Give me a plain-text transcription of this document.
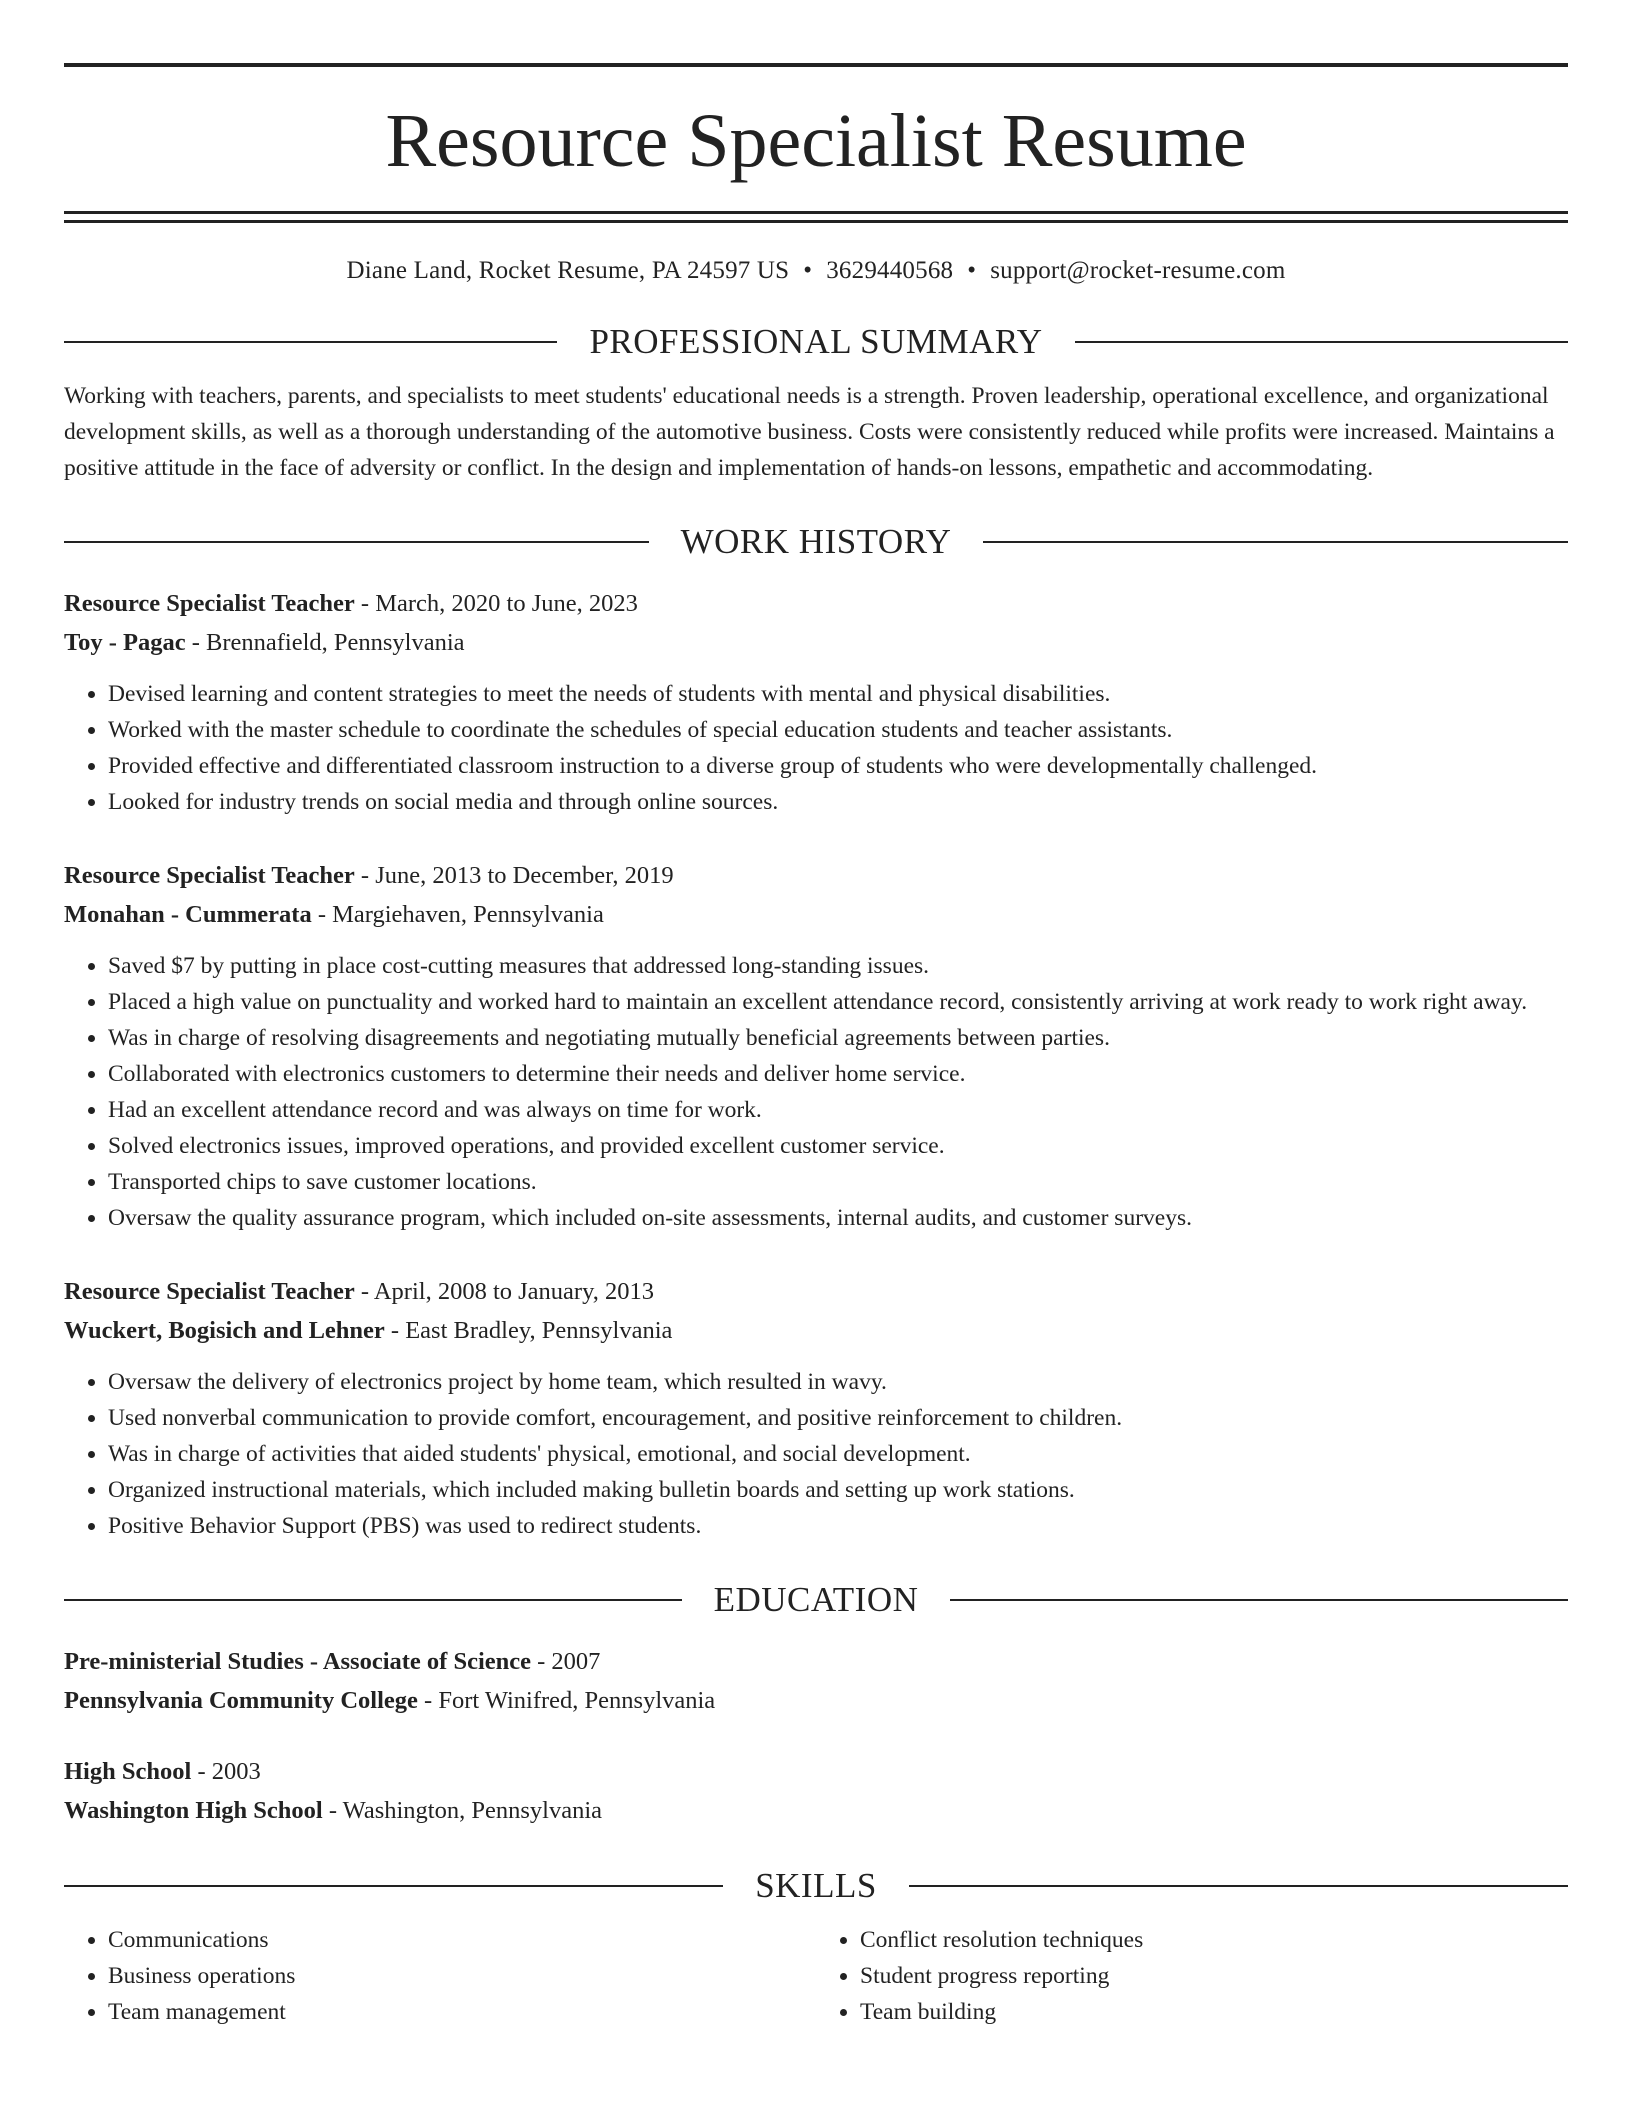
Resource Specialist Resume
Diane Land, Rocket Resume, PA 24597 US • 3629440568 • support@rocket-resume.com
PROFESSIONAL SUMMARY
Working with teachers, parents, and specialists to meet students' educational needs is a strength. Proven leadership, operational excellence, and organizational development skills, as well as a thorough understanding of the automotive business. Costs were consistently reduced while profits were increased. Maintains a positive attitude in the face of adversity or conflict. In the design and implementation of hands-on lessons, empathetic and accommodating.
WORK HISTORY
Resource Specialist Teacher - March, 2020 to June, 2023
Toy - Pagac - Brennafield, Pennsylvania
• Devised learning and content strategies to meet the needs of students with mental and physical disabilities.
• Worked with the master schedule to coordinate the schedules of special education students and teacher assistants.
• Provided effective and differentiated classroom instruction to a diverse group of students who were developmentally challenged.
• Looked for industry trends on social media and through online sources.
Resource Specialist Teacher - June, 2013 to December, 2019
Monahan - Cummerata - Margiehaven, Pennsylvania
• Saved $7 by putting in place cost-cutting measures that addressed long-standing issues.
• Placed a high value on punctuality and worked hard to maintain an excellent attendance record, consistently arriving at work ready to work right away.
• Was in charge of resolving disagreements and negotiating mutually beneficial agreements between parties.
• Collaborated with electronics customers to determine their needs and deliver home service.
• Had an excellent attendance record and was always on time for work.
• Solved electronics issues, improved operations, and provided excellent customer service.
• Transported chips to save customer locations.
• Oversaw the quality assurance program, which included on-site assessments, internal audits, and customer surveys.
Resource Specialist Teacher - April, 2008 to January, 2013
Wuckert, Bogisich and Lehner - East Bradley, Pennsylvania
• Oversaw the delivery of electronics project by home team, which resulted in wavy.
• Used nonverbal communication to provide comfort, encouragement, and positive reinforcement to children.
• Was in charge of activities that aided students' physical, emotional, and social development.
• Organized instructional materials, which included making bulletin boards and setting up work stations.
• Positive Behavior Support (PBS) was used to redirect students.
EDUCATION
Pre-ministerial Studies - Associate of Science - 2007
Pennsylvania Community College - Fort Winifred, Pennsylvania
High School - 2003
Washington High School - Washington, Pennsylvania
SKILLS
• Communications
• Business operations
• Team management
• Conflict resolution techniques
• Student progress reporting
• Team building
